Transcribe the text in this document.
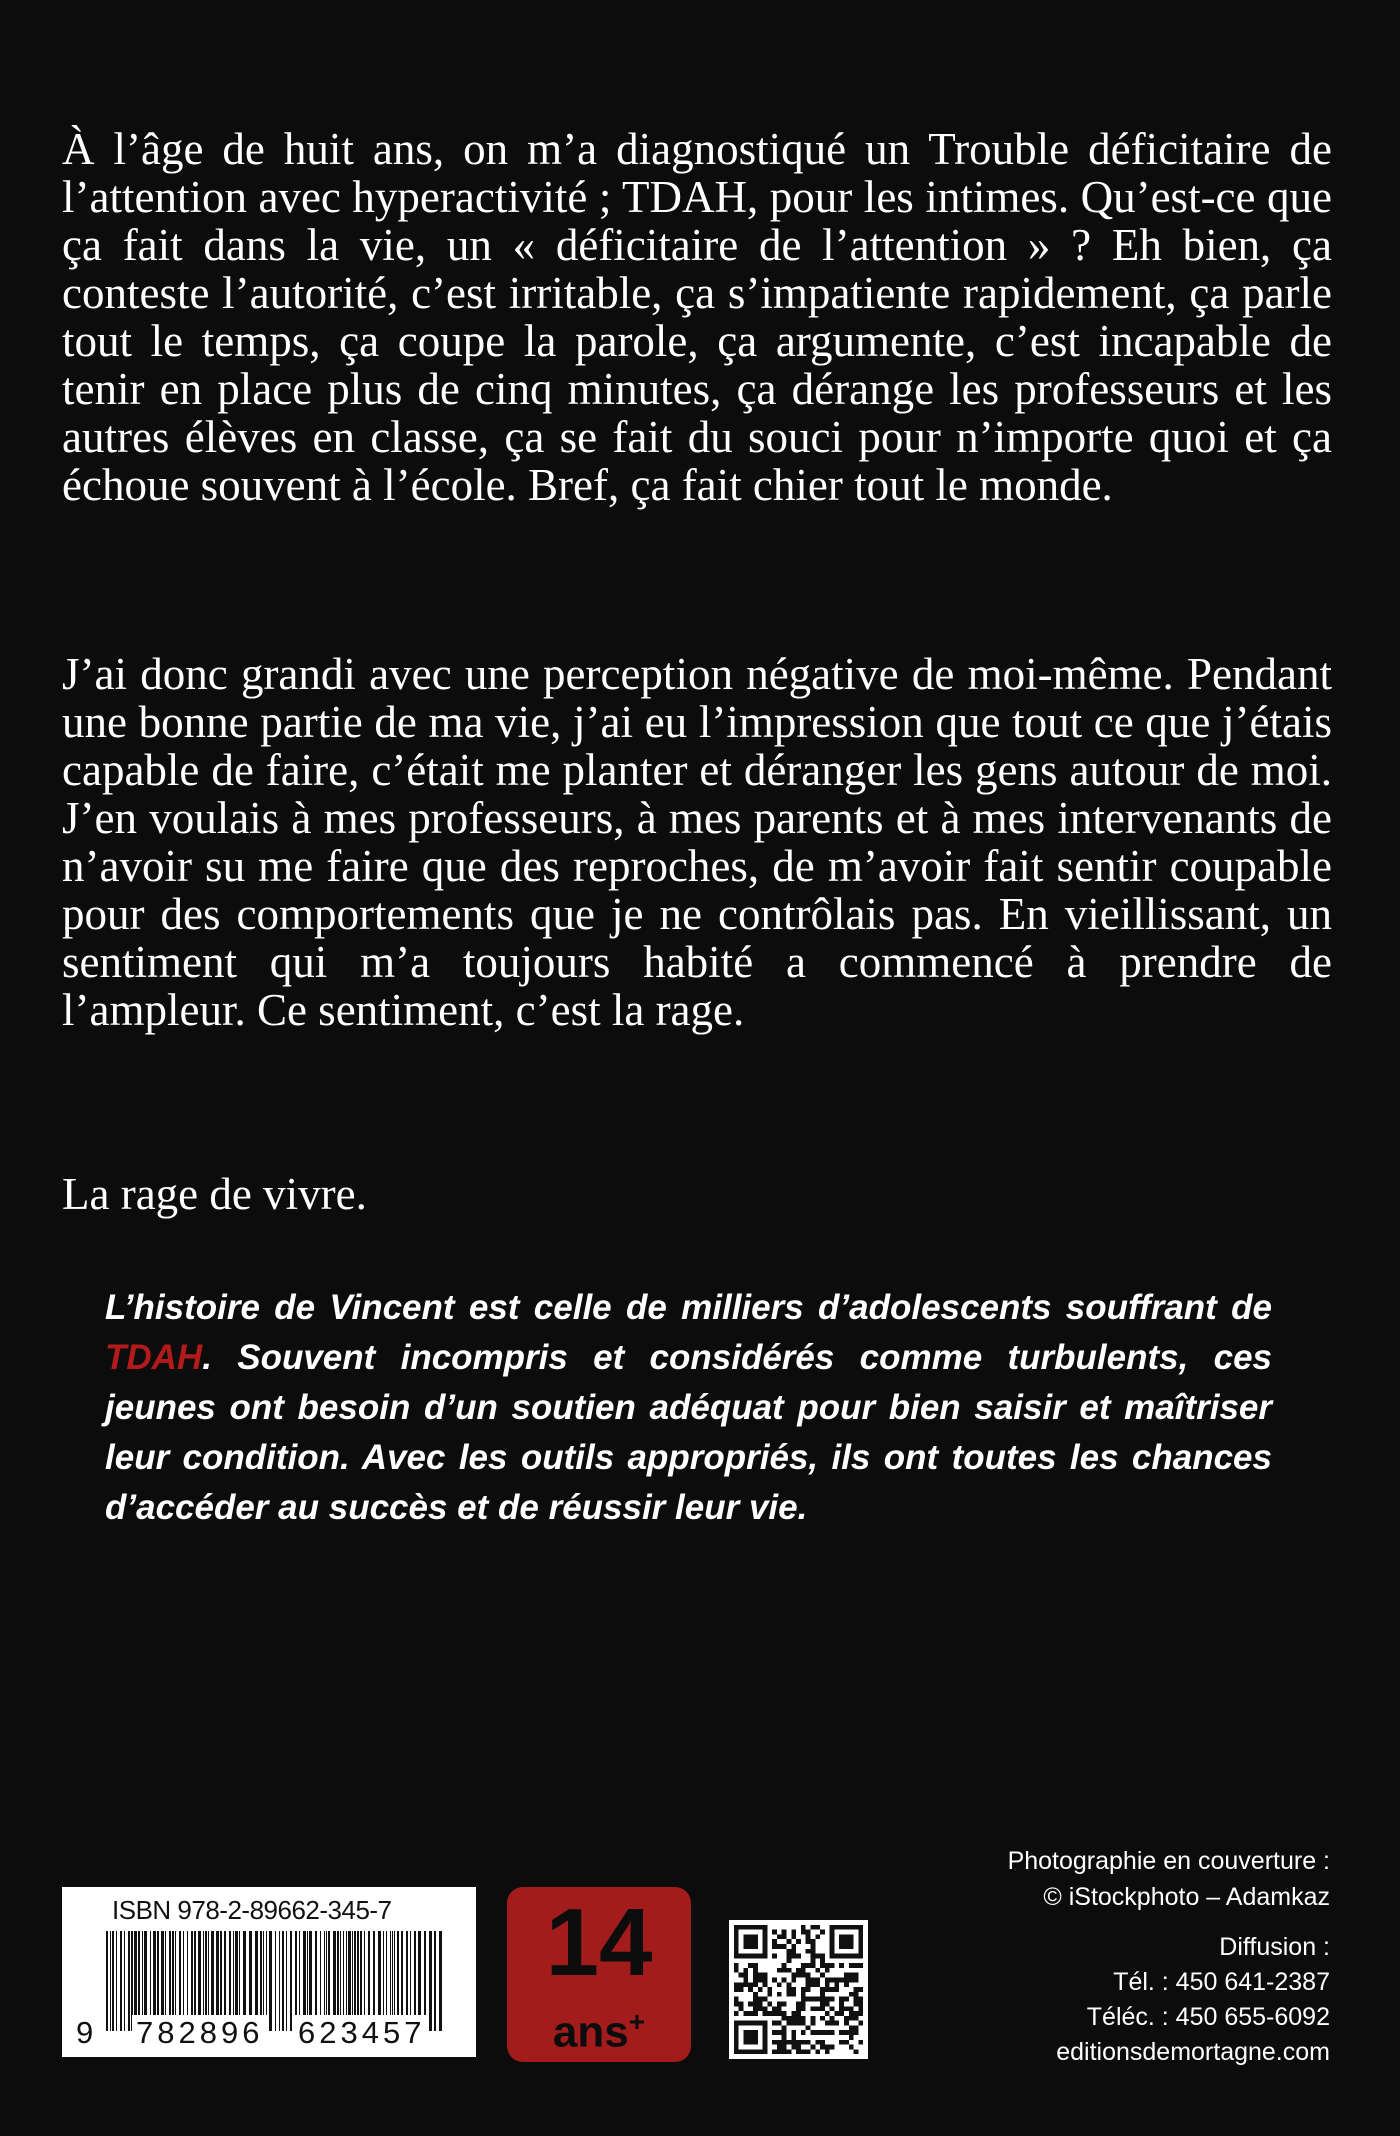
À l’âge de huit ans, on m’a diagnostiqué un Trouble déficitaire de l’attention avec hyperactivité ; TDAH, pour les intimes. Qu’est-ce que ça fait dans la vie, un « déficitaire de l’attention » ? Eh bien, ça conteste l’autorité, c’est irritable, ça s’impatiente rapidement, ça parle tout le temps, ça coupe la parole, ça argumente, c’est incapable de tenir en place plus de cinq minutes, ça dérange les professeurs et les autres élèves en classe, ça se fait du souci pour n’importe quoi et ça échoue souvent à l’école. Bref, ça fait chier tout le monde.

J’ai donc grandi avec une perception négative de moi-même. Pendant une bonne partie de ma vie, j’ai eu l’impression que tout ce que j’étais capable de faire, c’était me planter et déranger les gens autour de moi. J’en voulais à mes professeurs, à mes parents et à mes intervenants de n’avoir su me faire que des reproches, de m’avoir fait sentir coupable pour des comportements que je ne contrôlais pas. En vieillissant, un sentiment qui m’a toujours habité a commencé à prendre de l’ampleur. Ce sentiment, c’est la rage.

La rage de vivre.

L’histoire de Vincent est celle de milliers d’adolescents souffrant de TDAH. Souvent incompris et considérés comme turbulents, ces jeunes ont besoin d’un soutien adéquat pour bien saisir et maîtriser leur condition. Avec les outils appropriés, ils ont toutes les chances d’accéder au succès et de réussir leur vie.

ISBN 978-2-89662-345-7
9 782896 623457
14
ans+

Photographie en couverture :

© iStockphoto – Adamkaz

Diffusion :

Tél. : 450 641-2387

Téléc. : 450 655-6092

editionsdemortagne.com
